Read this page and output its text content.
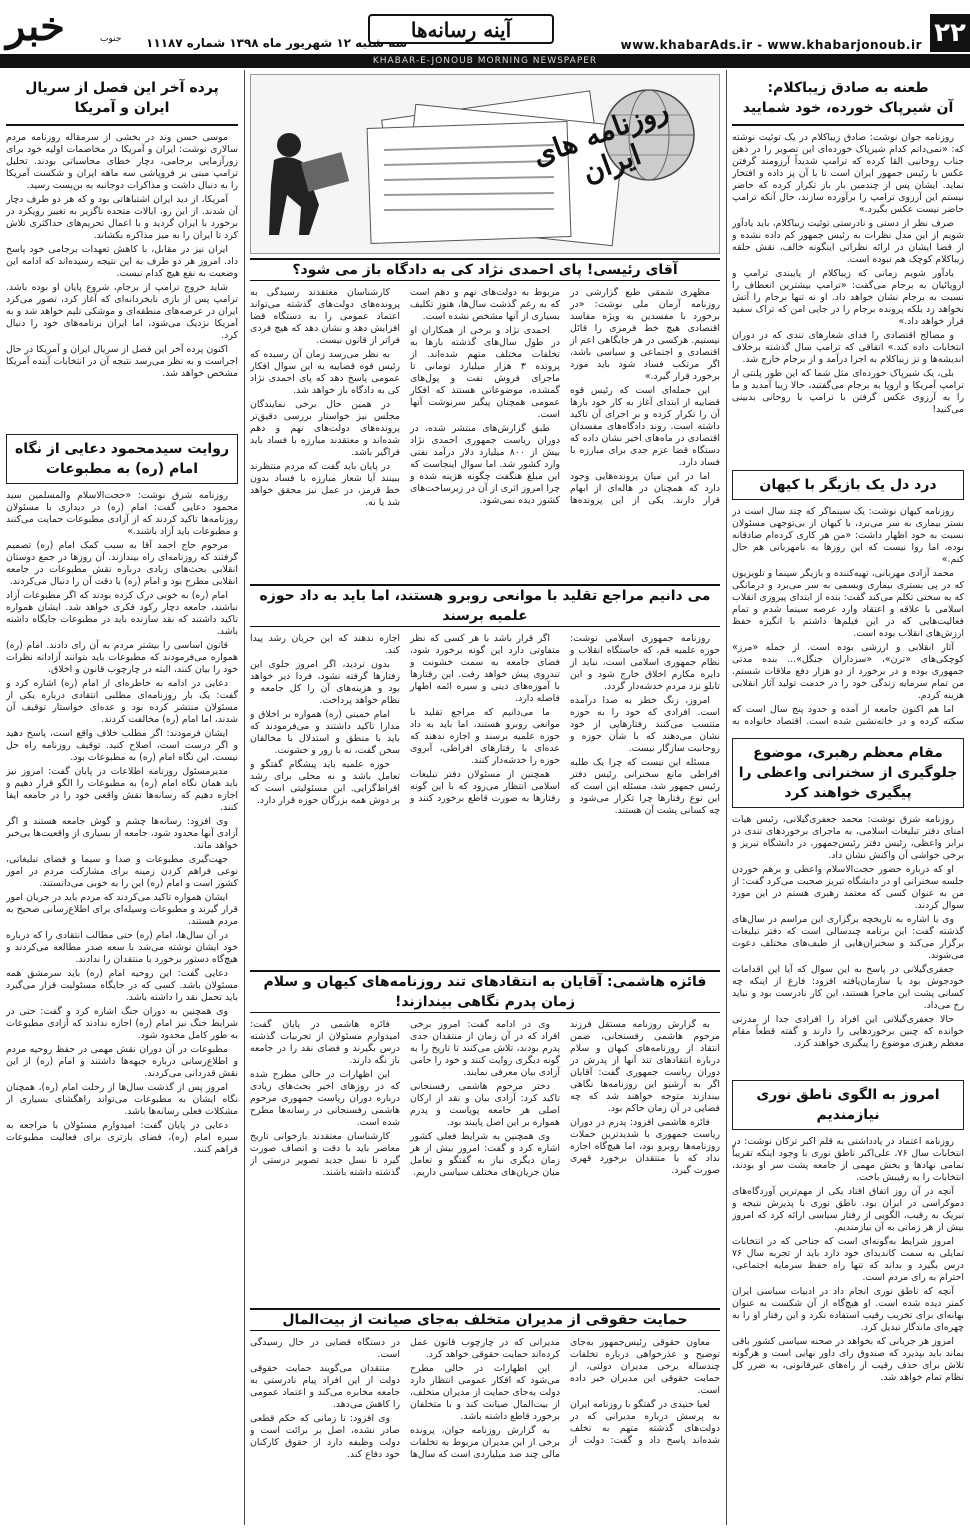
۲۲
www.khabarAds.ir - www.khabarjonoub.ir
آینه رسانه‌ها
سه شنبه ۱۲ شهریور ماه ۱۳۹۸ شماره ۱۱۱۸۷
خبر	جنوب
KHABAR-E-JONOUB MORNING NEWSPAPER
طعنه به صادق زیباکلام:
آن شیرپاک خورده، خود شمایید

روزنامه جوان نوشت: صادق زیباکلام در یک توئیت نوشته که: «نمی‌دانم کدام شیرپاک خورده‌ای این تصویر را در ذهن جناب روحانیی القا کرده که ترامپ شدیداً آرزومند گرفتن عکس با رئیس جمهور ایران است تا با آن پز داده و افتخار نماید. ایشان پس از چندمین بار باز تکرار کرده که حاضر نیستم این آرزوی ترامپ را برآورده سازند، حال آنکه ترامپ حاضر نیست عکس بگیرد.»

صرف نظر از دستی و نادرستی توئیت زیباکلام، باید یادآور شویم از این مدل نظرات به رئیس جمهور کم داده نشده و از قضا ایشان در ارائه نظراتی اینگونه خالف، نقش حلقه زیباکلام کوچک هم نبوده است.

یادآور شویم زمانی که زیباکلام از پایبندی ترامپ و اروپائیان به برجام می‌گفت: «ترامپ بیشترین انعطاف را نسبت به برجام نشان خواهد داد. او نه تنها برجام را آتش نخواهد زد بلکه پرونده برجام را در جایی امن که تراک سفید قرار خواهد داد.»

و مصالح اقتصادی را فدای شعارهای تندی که در دوران انتخابات داده کند.» اتفاقی که ترامپ سال گذشته برخلاف اندیشه‌ها و تز زیباکلام به اجرا درآمد و از برجام خارج شد.

بلی، یک شیرپاک خورده‌ای مثل شما که این طور پلنتی از ترامپ آمریکا و اروپا به برجام می‌گفتید، حالا زیبا آمدید و ما را به آرزوی عکس گرفتن با ترامپ با روحانی بدبینی می‌کنید!

درد دل یک بازیگر با کیهان

روزنامه کیهان نوشت: یک سینماگر که چند سال است در بستر بیماری به سر می‌برد، با کیهان از بی‌توجهی مسئولان نسبت به خود اظهار داشت: «من هر کاری کرده‌ام صادقانه بوده، اما روا نیست که این روزها به نامهربانی هم حال کنم.»

محمد آزادی مهربانی، تهیه‌کننده و بازیگر سینما و تلویزیون که در پی بستری بیماری ویسمی به سر می‌برد و درمانگی که به سختی تکلم می‌کند گفت: بنده از ابتدای پیروزی انقلاب اسلامی با علاقه و اعتقاد وارد عرصه سینما شدم و تمام فعالیت‌هایی که در این فیلم‌ها داشتم با انگیزه حفظ ارزش‌های انقلاب بوده است.

آثار انقلابی و ارزشی بوده است. از جمله «مرز» کوچکی‌های «ترن»، «سرداران جنگل»... بنده مدتی جمهوری بوده و در برخورد از دو هزار دفع ملاقات شستم. من تمام سرمایه زندگی خود را در خدمت تولید آثار انقلابی هزینه کردم.

اما هم اکنون جامعه از آمده و حدود پنج سال است که سکته کرده و در خانه‌نشین شده است. اقتصاد خانواده به

مقام معظم رهبری، موضوع جلوگیری از سخنرانی واعظی را پیگیری خواهند کرد

روزنامه شرق نوشت: محمد جعفری‌گیلانی، رئیس هیات امنای دفتر تبلیغات اسلامی، به ماجرای برخوردهای تندی در برابر واعظی، رئیس دفتر رئیس‌جمهور، در دانشگاه تبریز و برخی حواشی آن واکنش نشان داد.

او که درباره حضور حجت‌الاسلام واعظی و برهم خوردن جلسه سخنرانی او در دانشگاه تبریز صحبت می‌کرد گفت: از من به عنوان کسی که معتمد رهبری هستم در این مورد سوال کردند.

وی با اشاره به تاریخچه برگزاری این مراسم در سال‌های گذشته گفت: این برنامه چندسالی است که دفتر تبلیغات برگزار می‌کند و سخنران‌هایی از طیف‌های مختلف دعوت می‌شوند.

جعفری‌گیلانی در پاسخ به این سوال که آیا این اقدامات خودجوش بود یا سازمان‌یافته افزود: فارغ از اینکه چه کسانی پشت این ماجرا هستند، این کار نادرست بود و نباید رخ می‌داد.

حالا جعفری‌گیلانی این افراد را افرادی جدا از مدرنی خوانده که چنین برخوردهایی را دارند و گفته قطعاً مقام معظم رهبری موضوع را پیگیری خواهند کرد.

امروز به الگوی ناطق نوری نیازمندیم

روزنامه اعتماد در یادداشتی به قلم اکبر ترکان نوشت: در انتخابات سال ۷۶، علی‌اکبر ناطق نوری با وجود اینکه تقریباً تمامی نهادها و بخش مهمی از جامعه پشت سر او بودند، انتخابات را به رقیبش باخت.

آنچه در آن روز اتفاق افتاد یکی از مهم‌ترین آوردگاه‌های دموکراسی در ایران بود. ناطق نوری با پذیرش نتیجه و تبریک به رقیب، الگویی از رفتار سیاسی ارائه کرد که امروز بیش از هر زمانی به آن نیازمندیم.

امروز شرایط به‌گونه‌ای است که جناحی که در انتخابات تمایلی به سمت کاندیدای خود دارد باید از تجربه سال ۷۶ درس بگیرد و بداند که تنها راه حفظ سرمایه اجتماعی، احترام به رای مردم است.

آنچه که ناطق نوری انجام داد در ادبیات سیاسی ایران کمتر دیده شده است. او هیچ‌گاه از آن شکست به عنوان بهانه‌ای برای تخریب رقیب استفاده نکرد و این رفتار او را به چهره‌ای ماندگار تبدیل کرد.

امروز هر جریانی که بخواهد در صحنه سیاسی کشور باقی بماند باید بپذیرد که صندوق رای داور نهایی است و هرگونه تلاش برای حذف رقیب از راه‌های غیرقانونی، به ضرر کل نظام تمام خواهد شد.

روزنامه های ایران
آقای رئیسی! پای احمدی نژاد کی به دادگاه باز می شود؟

مظهری شمقی طبع گزارشی در روزنامه آرمان ملی نوشت: «در برخورد با مفسدین به ویژه مفاسد اقتصادی هیچ خط قرمزی را قائل نیستیم. هرکسی در هر جایگاهی اعم از اقتصادی و اجتماعی و سیاسی باشد، اگر مرتکب فساد شود باید مورد برخورد قرار گیرد.»

این جمله‌ای است که رئیس قوه قضاییه از ابتدای آغاز به کار خود بارها آن را تکرار کرده و بر اجرای آن تاکید داشته است. روند دادگاه‌های مفسدان اقتصادی در ماه‌های اخیر نشان داده که دستگاه قضا عزم جدی برای مبارزه با فساد دارد.

اما در این میان پرونده‌هایی وجود دارد که همچنان در هاله‌ای از ابهام قرار دارند. یکی از این پرونده‌ها مربوط به دولت‌های نهم و دهم است که به رغم گذشت سال‌ها، هنوز تکلیف بسیاری از آنها مشخص نشده است.

احمدی نژاد و برخی از همکاران او در طول سال‌های گذشته بارها به تخلفات مختلف متهم شده‌اند. از پرونده ۳ هزار میلیارد تومانی تا ماجرای فروش نفت و پول‌های گمشده، موضوعاتی هستند که افکار عمومی همچنان پیگیر سرنوشت آنها است.

طبق گزارش‌های منتشر شده، در دوران ریاست جمهوری احمدی نژاد بیش از ۸۰۰ میلیارد دلار درآمد نفتی وارد کشور شد. اما سوال اینجاست که این مبلغ هنگفت چگونه هزینه شده و چرا امروز اثری از آن در زیرساخت‌های کشور دیده نمی‌شود.

کارشناسان معتقدند رسیدگی به پرونده‌های دولت‌های گذشته می‌تواند اعتماد عمومی را به دستگاه قضا افزایش دهد و نشان دهد که هیچ فردی فراتر از قانون نیست.

به نظر می‌رسد زمان آن رسیده که رئیس قوه قضاییه به این سوال افکار عمومی پاسخ دهد که پای احمدی نژاد کی به دادگاه باز خواهد شد.

در همین حال برخی نمایندگان مجلس نیز خواستار بررسی دقیق‌تر پرونده‌های دولت‌های نهم و دهم شده‌اند و معتقدند مبارزه با فساد باید فراگیر باشد.

در پایان باید گفت که مردم منتظرند ببینند آیا شعار مبارزه با فساد بدون خط قرمز، در عمل نیز محقق خواهد شد یا نه.

می دانیم مراجع تقلید با موانعی روبرو هستند، اما باید به داد حوزه علمیه برسند

روزنامه جمهوری اسلامی نوشت: حوزه علمیه قم، که خاستگاه انقلاب و نظام جمهوری اسلامی است، نباید از دایره مکارم اخلاق خارج شود و این تابلو نزد مردم خدشه‌دار گردد.

امروز، زنگ خطر به صدا درآمده است. افرادی که خود را به حوزه منتسب می‌کنند رفتارهایی از خود نشان می‌دهند که با شأن حوزه و روحانیت سازگار نیست.

مسئله این نیست که چرا یک طلبه افراطی مانع سخنرانی رئیس دفتر رئیس جمهور شد، مسئله این است که این نوع رفتارها چرا تکرار می‌شود و چه کسانی پشت آن هستند.

اگر قرار باشد با هر کسی که نظر متفاوتی دارد این گونه برخورد شود، فضای جامعه به سمت خشونت و تندروی پیش خواهد رفت. این رفتارها با آموزه‌های دینی و سیره ائمه اطهار فاصله دارد.

ما می‌دانیم که مراجع تقلید با موانعی روبرو هستند، اما باید به داد حوزه علمیه برسند و اجازه ندهند که عده‌ای با رفتارهای افراطی، آبروی حوزه را خدشه‌دار کنند.

همچنین از مسئولان دفتر تبلیغات اسلامی انتظار می‌رود که با این گونه رفتارها به صورت قاطع برخورد کنند و اجازه ندهند که این جریان رشد پیدا کند.

بدون تردید، اگر امروز جلوی این رفتارها گرفته نشود، فردا دیر خواهد بود و هزینه‌های آن را کل جامعه و نظام خواهد پرداخت.

امام خمینی (ره) همواره بر اخلاق و مدارا تاکید داشتند و می‌فرمودند که باید با منطق و استدلال با مخالفان سخن گفت، نه با زور و خشونت.

حوزه علمیه باید پیشگام گفتگو و تعامل باشد و نه محلی برای رشد افراط‌گرایی. این مسئولیتی است که بر دوش همه بزرگان حوزه قرار دارد.

فائزه هاشمی: آقایان به انتقادهای تند روزنامه‌های کیهان و سلام زمان پدرم نگاهی بیندازند!

به گزارش روزنامه مستقل فرزند مرحوم هاشمی رفسنجانی، ضمن انتقاد از روزنامه‌های کیهان و سلام درباره انتقادهای تند آنها از پدرش در دوران ریاست جمهوری گفت: آقایان اگر به آرشیو این روزنامه‌ها نگاهی بیندازند متوجه خواهند شد که چه فضایی در آن زمان حاکم بود.

فائزه هاشمی افزود: پدرم در دوران ریاست جمهوری با شدیدترین حملات روزنامه‌ها روبرو بود، اما هیچ‌گاه اجازه نداد که با منتقدان برخورد قهری صورت گیرد.

وی در ادامه گفت: امروز برخی افراد که در آن زمان از منتقدان جدی پدرم بودند، تلاش می‌کنند تا تاریخ را به گونه دیگری روایت کنند و خود را حامی آزادی بیان معرفی نمایند.

دختر مرحوم هاشمی رفسنجانی تاکید کرد: آزادی بیان و نقد از ارکان اصلی هر جامعه پویاست و پدرم همواره بر این اصل پایبند بود.

وی همچنین به شرایط فعلی کشور اشاره کرد و گفت: امروز بیش از هر زمان دیگری نیاز به گفتگو و تعامل میان جریان‌های مختلف سیاسی داریم.

فائزه هاشمی در پایان گفت: امیدوارم مسئولان از تجربیات گذشته درس بگیرند و فضای نقد را در جامعه باز نگه دارند.

این اظهارات در حالی مطرح شده که در روزهای اخیر بحث‌های زیادی درباره دوران ریاست جمهوری مرحوم هاشمی رفسنجانی در رسانه‌ها مطرح شده است.

کارشناسان معتقدند بازخوانی تاریخ معاصر باید با دقت و انصاف صورت گیرد تا نسل جدید تصویر درستی از گذشته داشته باشند.

حمایت حقوقی از مدیران متخلف به‌جای صیانت از بیت‌المال

معاون حقوقی رئیس‌جمهور به‌جای توضیح و عذرخواهی درباره تخلفات چندساله برخی مدیران دولتی، از حمایت حقوقی این مدیران خبر داده است.

لعیا جنیدی در گفتگو با روزنامه ایران به پرسش درباره مدیرانی که در دولت‌های گذشته متهم به تخلف شده‌اند پاسخ داد و گفت: دولت از مدیرانی که در چارچوب قانون عمل کرده‌اند حمایت حقوقی خواهد کرد.

این اظهارات در حالی مطرح می‌شود که افکار عمومی انتظار دارد دولت به‌جای حمایت از مدیران متخلف، از بیت‌المال صیانت کند و با متخلفان برخورد قاطع داشته باشد.

به گزارش روزنامه جوان، پرونده برخی از این مدیران مربوط به تخلفات مالی چند صد میلیاردی است که سال‌ها در دستگاه قضایی در حال رسیدگی است.

منتقدان می‌گویند حمایت حقوقی دولت از این افراد پیام نادرستی به جامعه مخابره می‌کند و اعتماد عمومی را کاهش می‌دهد.

وی افزود: تا زمانی که حکم قطعی صادر نشده، اصل بر برائت است و دولت وظیفه دارد از حقوق کارکنان خود دفاع کند.

پرده آخر این فصل از سریال ایران و آمریکا

موسی حسن وند در بخشی از سرمقاله روزنامه مردم سالاری نوشت: ایران و آمریکا در مخاصمات اولیه خود برای زورآزمایی برجامی، دچار خطای محاسباتی بودند. تحلیل ترامپ مبنی بر فروپاشی سه ماهه ایران و شکست آمریکا را به دنبال داشت و مذاکرات دوجانبه به بن‌بست رسید.

آمریکا، از دید ایران اشتباهاتی بود و که هر دو طرف دچار آن شدند. از این رو، ایالات متحده ناگزیر به تغییر رویکرد در برخورد با ایران گردید و با اعمال تحریم‌های حداکثری تلاش کرد تا ایران را به میز مذاکره بکشاند.

ایران نیز در مقابل، با کاهش تعهدات برجامی خود پاسخ داد. امروز هر دو طرف به این نتیجه رسیده‌اند که ادامه این وضعیت به نفع هیچ کدام نیست.

شاید خروج ترامپ از برجام، شروع پایان او بوده باشد. ترامپ پس از بازی نابخردانه‌ای که آغاز کرد، تصور می‌کرد ایران در عرصه‌های منطقه‌ای و موشکی تلیم خواهد شد و به آمریکا نزدیک می‌شود، اما ایران برنامه‌های خود را دنبال کرد.

اکنون پرده آخر این فصل از سریال ایران و آمریکا در حال اجراست و به نظر می‌رسد نتیجه آن در انتخابات آینده آمریکا مشخص خواهد شد.

روایت سیدمحمود دعایی از نگاه امام (ره) به مطبوعات

روزنامه شرق نوشت: «حجت‌الاسلام والمسلمین سید محمود دعایی گفت: امام (ره) در دیداری با مسئولان روزنامه‌ها تاکید کردند که از آزادی مطبوعات حمایت می‌کنند و مطبوعات باید آزاد باشند.»

مرحوم حاج احمد آقا به سبب کمک امام (ره) تصمیم گرفتند که روزنامه‌ای راه بیندازند. آن روزها در جمع دوستان انقلابی بحث‌های زیادی درباره نقش مطبوعات در جامعه انقلابی مطرح بود و امام (ره) با دقت آن را دنبال می‌کردند.

امام (ره) به خوبی درک کرده بودند که اگر مطبوعات آزاد نباشند، جامعه دچار رکود فکری خواهد شد. ایشان همواره تاکید داشتند که نقد سازنده باید در مطبوعات جایگاه داشته باشد.

قانون اساسی را بیشتر مردم به آن رای دادند. امام (ره) همواره می‌فرمودند که مطبوعات باید بتوانند آزادانه نظرات خود را بیان کنند، البته در چارچوب قانون و اخلاق.

دعایی در ادامه به خاطره‌ای از امام (ره) اشاره کرد و گفت: یک بار روزنامه‌ای مطلبی انتقادی درباره یکی از مسئولان منتشر کرده بود و عده‌ای خواستار توقیف آن شدند، اما امام (ره) مخالفت کردند.

ایشان فرمودند: اگر مطلب خلاف واقع است، پاسخ دهید و اگر درست است، اصلاح کنید. توقیف روزنامه راه حل نیست. این نگاه امام (ره) به مطبوعات بود.

مدیرمسئول روزنامه اطلاعات در پایان گفت: امروز نیز باید همان نگاه امام (ره) به مطبوعات را الگو قرار دهیم و اجازه دهیم که رسانه‌ها نقش واقعی خود را در جامعه ایفا کنند.

وی افزود: رسانه‌ها چشم و گوش جامعه هستند و اگر آزادی آنها محدود شود، جامعه از بسیاری از واقعیت‌ها بی‌خبر خواهد ماند.

جهت‌گیری مطبوعات و صدا و سیما و فضای تبلیغاتی، نوعی فراهم کردن زمینه برای مشارکت مردم در امور کشور است و امام (ره) این را به خوبی می‌دانستند.

ایشان همواره تاکید می‌کردند که مردم باید در جریان امور قرار گیرند و مطبوعات وسیله‌ای برای اطلاع‌رسانی صحیح به مردم هستند.

در آن سال‌ها، امام (ره) حتی مطالب انتقادی را که درباره خود ایشان نوشته می‌شد با سعه صدر مطالعه می‌کردند و هیچ‌گاه دستور برخورد با منتقدان را ندادند.

دعایی گفت: این روحیه امام (ره) باید سرمشق همه مسئولان باشد. کسی که در جایگاه مسئولیت قرار می‌گیرد باید تحمل نقد را داشته باشد.

وی همچنین به دوران جنگ اشاره کرد و گفت: حتی در شرایط جنگ نیز امام (ره) اجازه ندادند که آزادی مطبوعات به طور کامل محدود شود.

مطبوعات در آن دوران نقش مهمی در حفظ روحیه مردم و اطلاع‌رسانی درباره جبهه‌ها داشتند و امام (ره) از این نقش قدردانی می‌کردند.

امروز پس از گذشت سال‌ها از رحلت امام (ره)، همچنان نگاه ایشان به مطبوعات می‌تواند راهگشای بسیاری از مشکلات فعلی رسانه‌ها باشد.

دعایی در پایان گفت: امیدوارم مسئولان با مراجعه به سیره امام (ره)، فضای بازتری برای فعالیت مطبوعات فراهم کنند.
